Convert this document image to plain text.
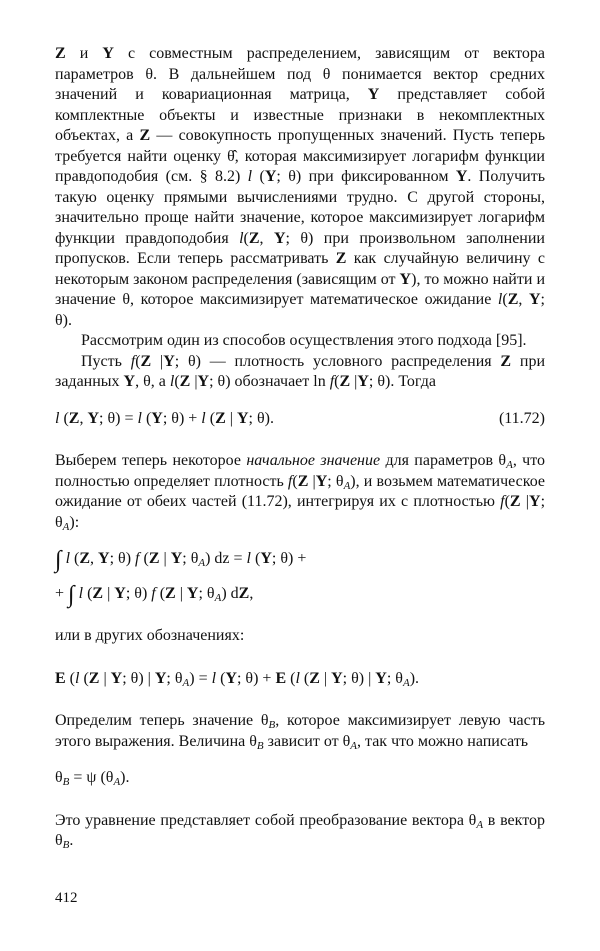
Z и Y с совместным распределением, зависящим от вектора параметров θ. В дальнейшем под θ понимается вектор средних значений и ковариационная матрица, Y представляет собой комплектные объекты и известные признаки в некомплектных объектах, а Z — совокупность пропущенных значений. Пусть теперь требуется найти оценку θ̂, которая максимизирует логарифм функции правдоподобия (см. § 8.2) l (Y; θ) при фиксированном Y. Получить такую оценку прямыми вычислениями трудно. С другой стороны, значительно проще найти значение, которое максимизирует логарифм функции правдоподобия l(Z, Y; θ) при произвольном заполнении пропусков. Если теперь рассматривать Z как случайную величину с некоторым законом распределения (зависящим от Y), то можно найти и значение θ, которое максимизирует математическое ожидание l(Z, Y; θ).

Рассмотрим один из способов осуществления этого подхода [95].

Пусть f(Z |Y; θ) — плотность условного распределения Z при заданных Y, θ, а l(Z |Y; θ) обозначает ln f(Z |Y; θ). Тогда

l (Z, Y; θ) = l (Y; θ) + l (Z | Y; θ).	(11.72)

Выберем теперь некоторое начальное значение для параметров $\theta_A$, что полностью определяет плотность f(Z |Y; $\theta_A$), и возьмем математическое ожидание от обеих частей (11.72), интегрируя их с плотностью f(Z |Y; $\theta_A$):

∫ l (Z, Y; θ) f (Z | Y; $\theta_A$) dz = l (Y; θ) +
+ ∫ l (Z | Y; θ) f (Z | Y; $\theta_A$) dZ,

или в других обозначениях:

E (l (Z | Y; θ) | Y; $\theta_A) = l$ (Y; θ) + E (l (Z | Y; θ) | Y; $\theta_A$).

Определим теперь значение $\theta_B$, которое максимизирует левую часть этого выражения. Величина $\theta_B$ зависит от $\theta_A$, так что можно написать

$\theta_B = \psi$ $(\theta_A)$.

Это уравнение представляет собой преобразование вектора $\theta_A$ в вектор $\theta_B$.

412
